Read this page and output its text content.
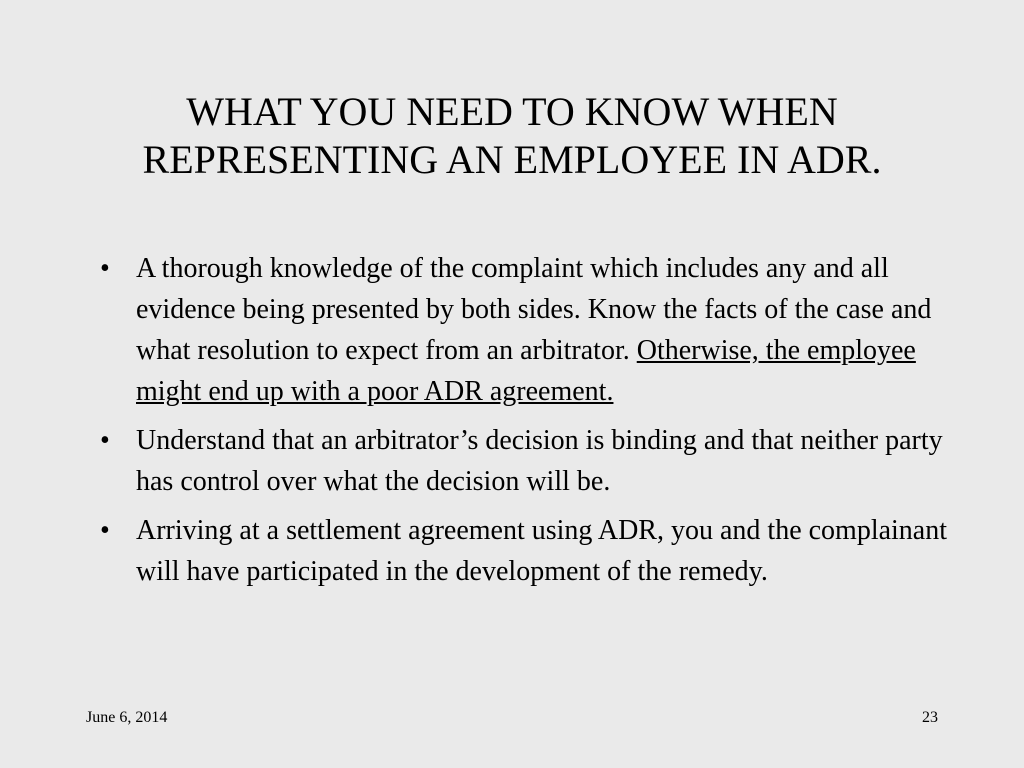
WHAT YOU NEED TO KNOW WHEN
REPRESENTING AN EMPLOYEE IN ADR.
• A thorough knowledge of the complaint which includes any and all evidence being presented by both sides. Know the facts of the case and what resolution to expect from an arbitrator. Otherwise, the employee might end up with a poor ADR agreement.
• Understand that an arbitrator’s decision is binding and that neither party has control over what the decision will be.
• Arriving at a settlement agreement using ADR, you and the complainant will have participated in the development of the remedy.
June 6, 2014	23
